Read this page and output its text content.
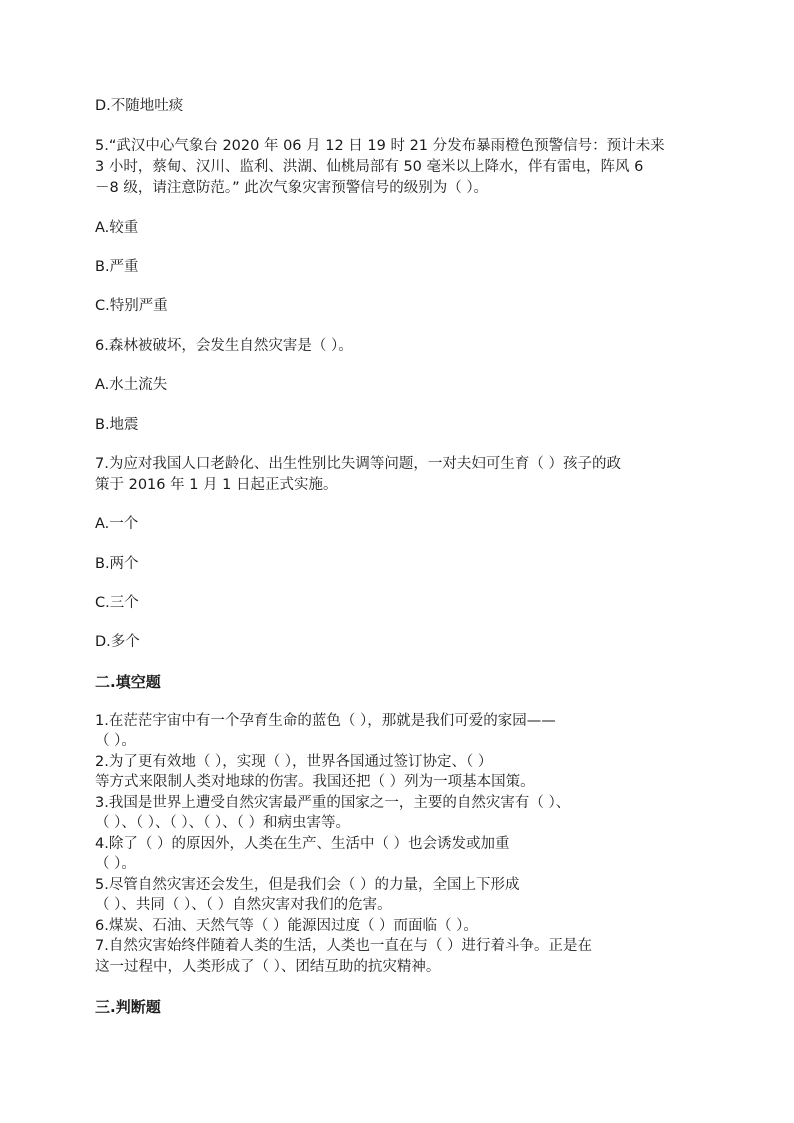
D.不随地吐痰
5.“武汉中心气象台 2020 年 06 月 12 日 19 时 21 分发布暴雨橙色预警信号：预计未来
3 小时，蔡甸、汉川、监利、洪湖、仙桃局部有 50 毫米以上降水，伴有雷电，阵风 6
－8 级，请注意防范。” 此次气象灾害预警信号的级别为（ ）。
A.较重
B.严重
C.特别严重
6.森林被破坏，会发生自然灾害是（ ）。
A.水土流失
B.地震
7.为应对我国人口老龄化、出生性别比失调等问题，一对夫妇可生育（ ）孩子的政
策于 2016 年 1 月 1 日起正式实施。
A.一个
B.两个
C.三个
D.多个
二.填空题
1.在茫茫宇宙中有一个孕育生命的蓝色（ ），那就是我们可爱的家园——
（ ）。
2.为了更有效地（ ），实现（ ），世界各国通过签订协定、（ ）
等方式来限制人类对地球的伤害。我国还把（ ）列为一项基本国策。
3.我国是世界上遭受自然灾害最严重的国家之一，主要的自然灾害有（ ）、
（ ）、（ ）、（ ）、（ ）、（ ）和病虫害等。
4.除了（ ）的原因外，人类在生产、生活中（ ）也会诱发或加重
（ ）。
5.尽管自然灾害还会发生，但是我们会（ ）的力量，全国上下形成
（ ）、共同（ ）、（ ）自然灾害对我们的危害。
6.煤炭、石油、天然气等（ ）能源因过度（ ）而面临（ ）。
7.自然灾害始终伴随着人类的生活，人类也一直在与（ ）进行着斗争。正是在
这一过程中，人类形成了（ ）、团结互助的抗灾精神。
三.判断题
